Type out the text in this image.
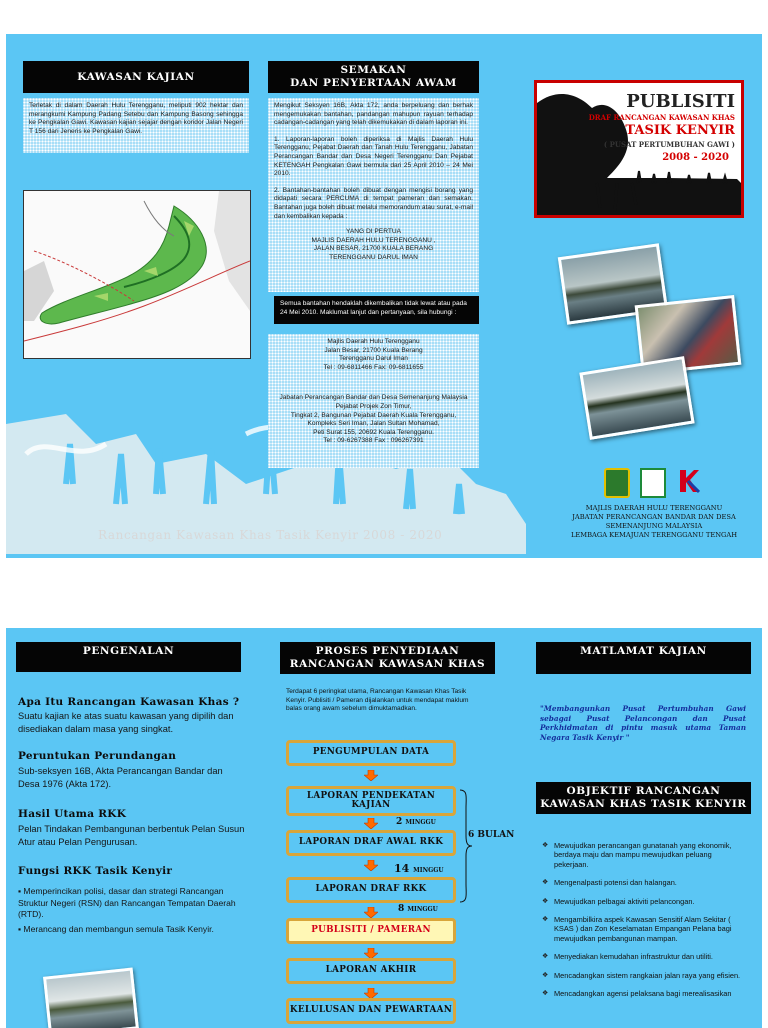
KAWASAN KAJIAN
Terletak di dalam Daerah Hulu Terengganu, meliputi 902 hektar dan merangkumi Kampung Padang Setebu dan Kampung Basong sehingga ke Pengkalan Gawi. Kawasan kajian sejajar dengan koridor Jalan Negeri T 156 dari Jeneris ke Pengkalan Gawi.
SEMAKAN
DAN PENYERTAAN AWAM

Mengikut Seksyen 16B, Akta 172, anda berpeluang dan berhak mengemukakan bantahan, pandangan mahupun rayuan terhadap cadangan-cadangan yang telah dikemukakan di dalam laporan ini.

1. Laporan-laporan boleh diperiksa di Majlis Daerah Hulu Terengganu, Pejabat Daerah dan Tanah Hulu Terengganu, Jabatan Perancangan Bandar dan Desa Negeri Terengganu Dan Pejabat KETENGAH Pengkalan Gawi bermula dari 25 April 2010 – 24 Mei 2010.

2. Bantahan-bantahan boleh dibuat dengan mengisi borang yang didapati secara PERCUMA di tempat pameran dan semakan. Bantahan juga boleh dibuat melalui memorandum atau surat, e-mail dan kembalikan kepada :

YANG DI PERTUA
MAJLIS DAERAH HULU TERENGGANU ,
JALAN BESAR, 21700 KUALA BERANG
TERENGGANU DARUL IMAN
Semua bantahan hendaklah dikembalikan tidak lewat atau pada 24 Mei 2010. Maklumat lanjut dan pertanyaan, sila hubungi :
Majlis Daerah Hulu Terengganu
Jalan Besar, 21700 Kuala Berang
Terengganu Darul Iman
Tel : 09-6811466 Fax: 09-6811655
Jabatan Perancangan Bandar dan Desa Semenanjung Malaysia
Pejabat Projek Zon Timur,
Tingkat 2, Bangunan Pejabat Daerah Kuala Terengganu,
Kompleks Seri Iman, Jalan Sultan Mohamad,
Peti Surat 155, 20692 Kuala Terengganu.
Tel : 09-6267388 Fax : 096267391
PUBLISITI
DRAF RANCANGAN KAWASAN KHAS
TASIK KENYIR
( PUSAT PERTUMBUHAN GAWI )
2008 - 2020
MAJLIS DAERAH HULU TERENGGANU
JABATAN PERANCANGAN BANDAR DAN DESA
SEMENANJUNG MALAYSIA
LEMBAGA KEMAJUAN TERENGGANU TENGAH
Rancangan Kawasan Khas Tasik Kenyir 2008 - 2020
PENGENALAN
Apa Itu Rancangan Kawasan Khas ?
Suatu kajian ke atas suatu kawasan yang dipilih dan disediakan dalam masa yang singkat.
Peruntukan Perundangan
Sub-seksyen 16B, Akta Perancangan Bandar dan Desa 1976 (Akta 172).
Hasil Utama RKK
Pelan Tindakan Pembangunan berbentuk Pelan Susun Atur atau Pelan Pengurusan.
Fungsi RKK Tasik Kenyir
▪ Memperincikan polisi, dasar dan strategi Rancangan Struktur Negeri (RSN) dan Rancangan Tempatan Daerah (RTD).
▪ Merancang dan membangun semula Tasik Kenyir.
PROSES PENYEDIAAN
RANCANGAN KAWASAN KHAS
Terdapat 6 peringkat utama, Rancangan Kawasan Khas Tasik Kenyir. Publisiti / Pameran dijalankan untuk mendapat maklum balas orang awam sebelum dimuktamadkan.
PENGUMPULAN DATA
LAPORAN PENDEKATAN KAJIAN
2 MINGGU
LAPORAN DRAF AWAL RKK
14 MINGGU
LAPORAN DRAF RKK
8 MINGGU
PUBLISITI / PAMERAN
LAPORAN AKHIR
KELULUSAN DAN PEWARTAAN
6 BULAN
MATLAMAT KAJIAN
"Membangunkan Pusat Pertumbuhan Gawi sebagai Pusat Pelancongan dan Pusat Perkhidmatan di pintu masuk utama Taman Negara Tasik Kenyir "
OBJEKTIF RANCANGAN
KAWASAN KHAS TASIK KENYIR
❖ Mewujudkan perancangan gunatanah yang ekonomik, berdaya maju dan mampu mewujudkan peluang pekerjaan.
❖ Mengenalpasti potensi dan halangan.
❖ Mewujudkan pelbagai aktiviti pelancongan.
❖ Mengambilkira aspek Kawasan Sensitif Alam Sekitar ( KSAS ) dan Zon Keselamatan Empangan Pelana bagi mewujudkan pembangunan mampan.
❖ Menyediakan kemudahan infrastruktur dan utiliti.
❖ Mencadangkan sistem rangkaian jalan raya yang efisien.
❖ Mencadangkan agensi pelaksana bagi merealisasikan
